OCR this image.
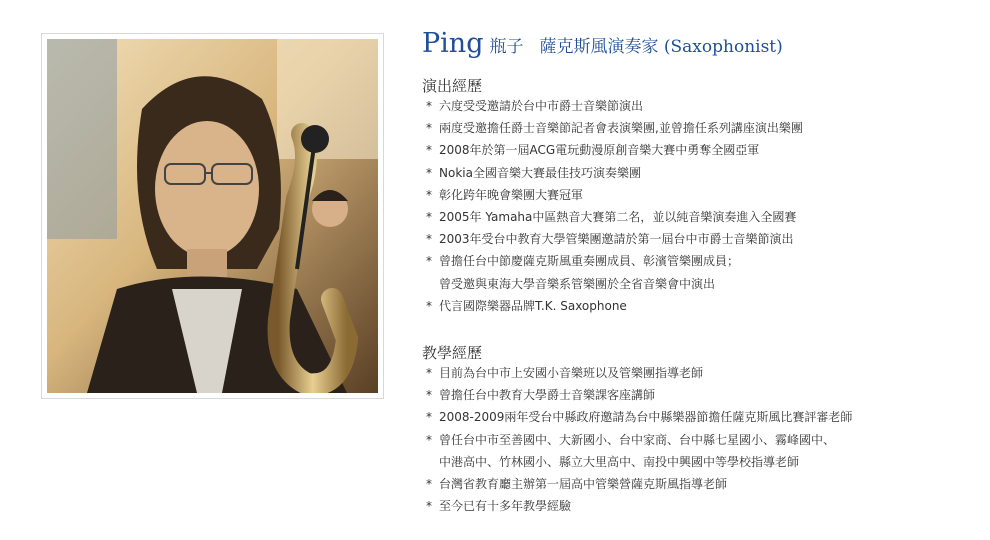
Ping 瓶子 薩克斯風演奏家 (Saxophonist)
演出經歷
* 六度受受邀請於台中市爵士音樂節演出
* 兩度受邀擔任爵士音樂節記者會表演樂團,並曾擔任系列講座演出樂團
* 2008年於第一屆ACG電玩動漫原創音樂大賽中勇奪全國亞軍
* Nokia全國音樂大賽最佳技巧演奏樂團
* 彰化跨年晚會樂團大賽冠軍
* 2005年 Yamaha中區熱音大賽第二名，並以純音樂演奏進入全國賽
* 2003年受台中教育大學管樂團邀請於第一屆台中市爵士音樂節演出
* 曾擔任台中節慶薩克斯風重奏團成員、彰濱管樂團成員；
曾受邀與東海大學音樂系管樂團於全省音樂會中演出
* 代言國際樂器品牌T.K. Saxophone
教學經歷
* 目前為台中市上安國小音樂班以及管樂團指導老師
* 曾擔任台中教育大學爵士音樂課客座講師
* 2008-2009兩年受台中縣政府邀請為台中縣樂器節擔任薩克斯風比賽評審老師
* 曾任台中市至善國中、大新國小、台中家商、台中縣七星國小、霧峰國中、
中港高中、竹林國小、縣立大里高中、南投中興國中等學校指導老師
* 台灣省教育廳主辦第一屆高中管樂營薩克斯風指導老師
* 至今已有十多年教學經驗
